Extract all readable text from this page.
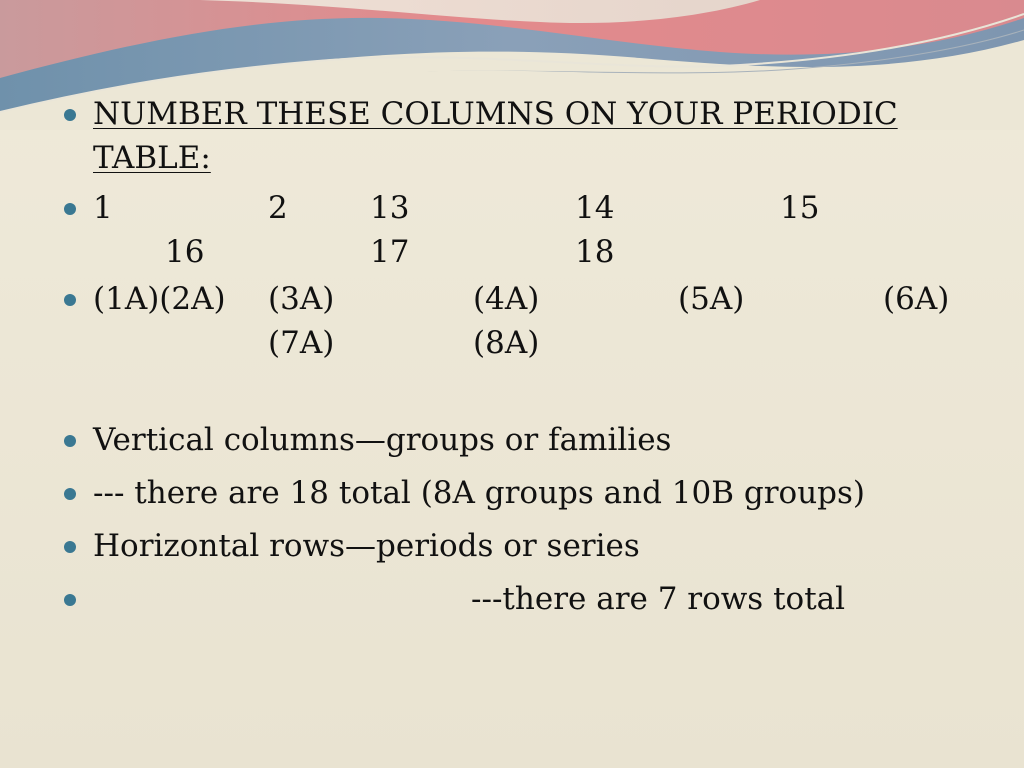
NUMBER THESE COLUMNS ON YOUR PERIODIC
TABLE:
1	2	13	14	15
16	17	18
(1A)(2A) (3A)	(4A)	(5A)	(6A)
(7A)	(8A)
Vertical columns—groups or families
--- there are 18 total (8A groups and 10B groups)
Horizontal rows—periods or series
---there are 7 rows total
